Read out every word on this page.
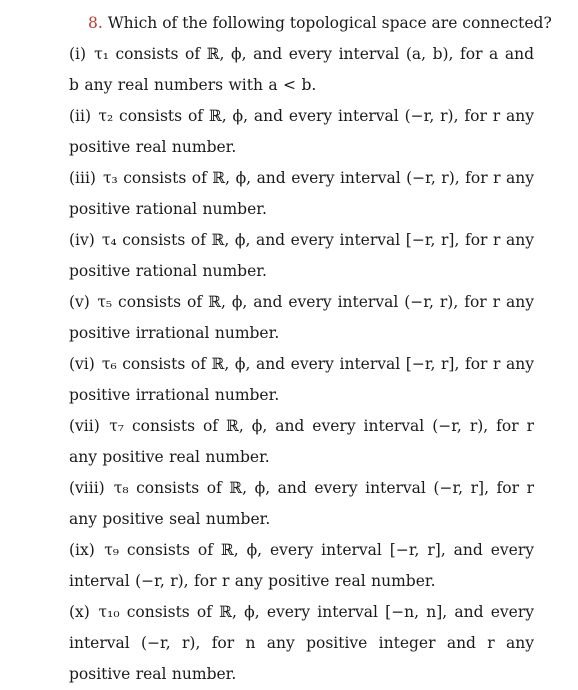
8. Which of the following topological space are connected?
(i) τ₁ consists of ℝ, ϕ, and every interval (a, b), for a and b any real numbers with a < b.
(ii) τ₂ consists of ℝ, ϕ, and every interval (−r, r), for r any positive real number.
(iii) τ₃ consists of ℝ, ϕ, and every interval (−r, r), for r any positive rational number.
(iv) τ₄ consists of ℝ, ϕ, and every interval [−r, r], for r any positive rational number.
(v) τ₅ consists of ℝ, ϕ, and every interval (−r, r), for r any positive irrational number.
(vi) τ₆ consists of ℝ, ϕ, and every interval [−r, r], for r any positive irrational number.
(vii) τ₇ consists of ℝ, ϕ, and every interval (−r, r), for r any positive real number.
(viii) τ₈ consists of ℝ, ϕ, and every interval (−r, r], for r any positive seal number.
(ix) τ₉ consists of ℝ, ϕ, every interval [−r, r], and every interval (−r, r), for r any positive real number.
(x) τ₁₀ consists of ℝ, ϕ, every interval [−n, n], and every interval (−r, r), for n any positive integer and r any positive real number.
